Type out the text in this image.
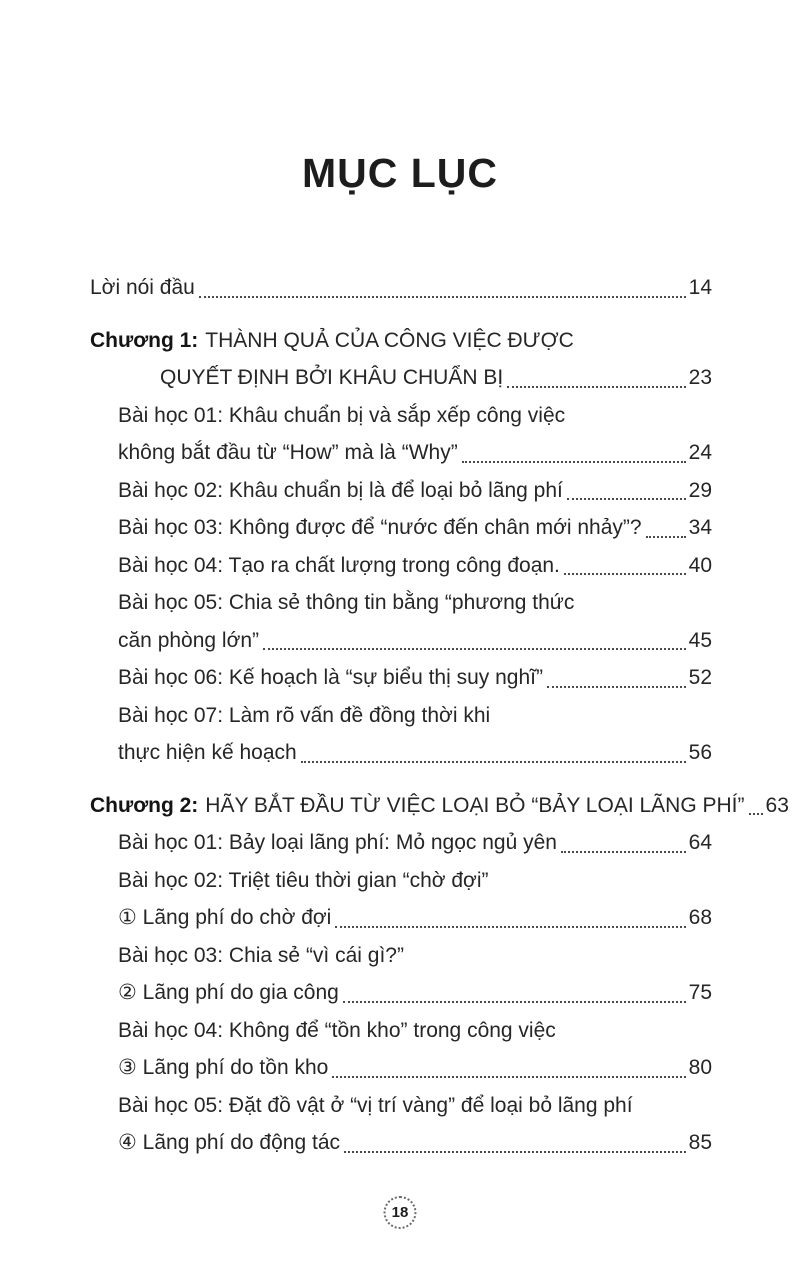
MỤC LỤC
Lời nói đầu	14
Chương 1: THÀNH QUẢ CỦA CÔNG VIỆC ĐƯỢC
QUYẾT ĐỊNH BỞI KHÂU CHUẨN BỊ	23
Bài học 01: Khâu chuẩn bị và sắp xếp công việc
không bắt đầu từ “How” mà là “Why”	24
Bài học 02: Khâu chuẩn bị là để loại bỏ lãng phí	29
Bài học 03: Không được để “nước đến chân mới nhảy”? 34
Bài học 04: Tạo ra chất lượng trong công đoạn.	40
Bài học 05: Chia sẻ thông tin bằng “phương thức
căn phòng lớn”	45
Bài học 06: Kế hoạch là “sự biểu thị suy nghĩ”	52
Bài học 07: Làm rõ vấn đề đồng thời khi
thực hiện kế hoạch	56
Chương 2: HÃY BẮT ĐẦU TỪ VIỆC LOẠI BỎ “BẢY LOẠI LÃNG PHÍ” 63
Bài học 01: Bảy loại lãng phí: Mỏ ngọc ngủ yên	64
Bài học 02: Triệt tiêu thời gian “chờ đợi”
① Lãng phí do chờ đợi	68
Bài học 03: Chia sẻ “vì cái gì?”
② Lãng phí do gia công	75
Bài học 04: Không để “tồn kho” trong công việc
③ Lãng phí do tồn kho	80
Bài học 05: Đặt đồ vật ở “vị trí vàng” để loại bỏ lãng phí
④ Lãng phí do động tác	85
18
